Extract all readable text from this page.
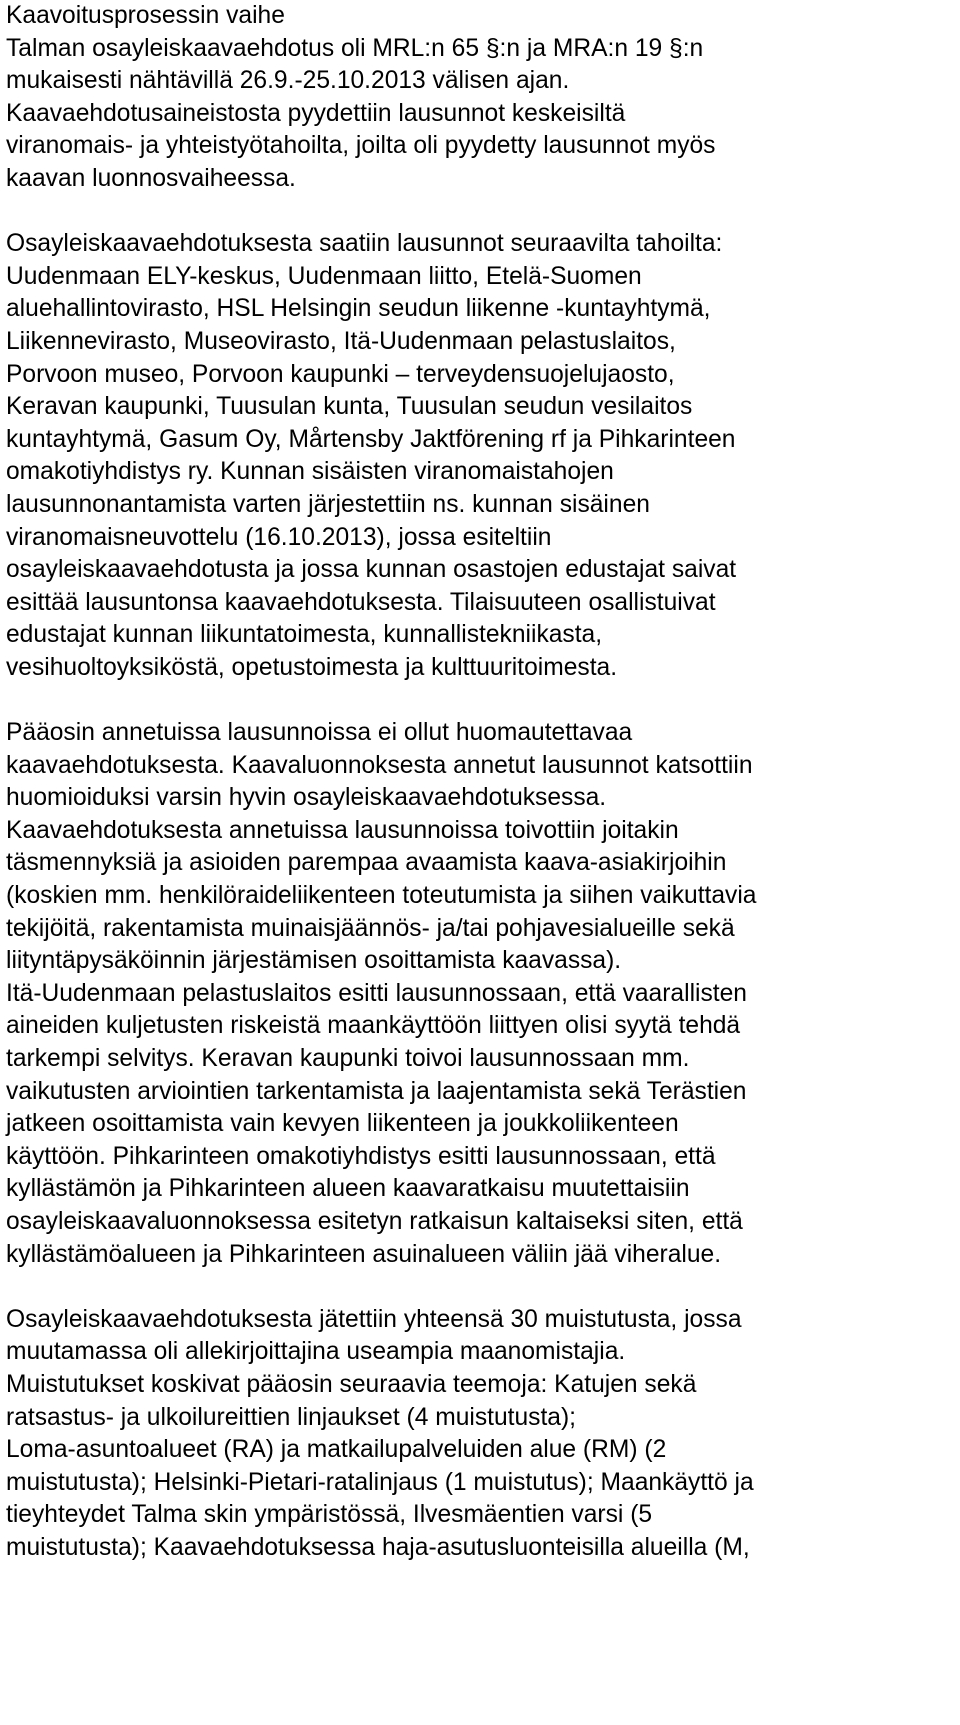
Kaavoitusprosessin vaihe
Talman osayleiskaavaehdotus oli MRL:n 65 §:n ja MRA:n 19 §:n
mukaisesti nähtävillä 26.9.-25.10.2013 välisen ajan.
Kaavaehdotusaineistosta pyydettiin lausunnot keskeisiltä
viranomais- ja yhteistyötahoilta, joilta oli pyydetty lausunnot myös
kaavan luonnosvaiheessa.
Osayleiskaavaehdotuksesta saatiin lausunnot seuraavilta tahoilta:
Uudenmaan ELY-keskus, Uudenmaan liitto, Etelä-Suomen
aluehallintovirasto, HSL Helsingin seudun liikenne -kuntayhtymä,
Liikennevirasto, Museovirasto, Itä-Uudenmaan pelastuslaitos,
Porvoon museo, Porvoon kaupunki – terveydensuojelujaosto,
Keravan kaupunki, Tuusulan kunta, Tuusulan seudun vesilaitos
kuntayhtymä, Gasum Oy, Mårtensby Jaktförening rf ja Pihkarinteen
omakotiyhdistys ry. Kunnan sisäisten viranomaistahojen
lausunnonantamista varten järjestettiin ns. kunnan sisäinen
viranomaisneuvottelu (16.10.2013), jossa esiteltiin
osayleiskaavaehdotusta ja jossa kunnan osastojen edustajat saivat
esittää lausuntonsa kaavaehdotuksesta. Tilaisuuteen osallistuivat
edustajat kunnan liikuntatoimesta, kunnallistekniikasta,
vesihuoltoyksiköstä, opetustoimesta ja kulttuuritoimesta.
Pääosin annetuissa lausunnoissa ei ollut huomautettavaa
kaavaehdotuksesta. Kaavaluonnoksesta annetut lausunnot katsottiin
huomioiduksi varsin hyvin osayleiskaavaehdotuksessa.
Kaavaehdotuksesta annetuissa lausunnoissa toivottiin joitakin
täsmennyksiä ja asioiden parempaa avaamista kaava-asiakirjoihin
(koskien mm. henkilöraideliikenteen toteutumista ja siihen vaikuttavia
tekijöitä, rakentamista muinaisjäännös- ja/tai pohjavesialueille sekä
liityntäpysäköinnin järjestämisen osoittamista kaavassa).
Itä-Uudenmaan pelastuslaitos esitti lausunnossaan, että vaarallisten
aineiden kuljetusten riskeistä maankäyttöön liittyen olisi syytä tehdä
tarkempi selvitys. Keravan kaupunki toivoi lausunnossaan mm.
vaikutusten arviointien tarkentamista ja laajentamista sekä Terästien
jatkeen osoittamista vain kevyen liikenteen ja joukkoliikenteen
käyttöön. Pihkarinteen omakotiyhdistys esitti lausunnossaan, että
kyllästämön ja Pihkarinteen alueen kaavaratkaisu muutettaisiin
osayleiskaavaluonnoksessa esitetyn ratkaisun kaltaiseksi siten, että
kyllästämöalueen ja Pihkarinteen asuinalueen väliin jää viheralue.
Osayleiskaavaehdotuksesta jätettiin yhteensä 30 muistutusta, jossa
muutamassa oli allekirjoittajina useampia maanomistajia.
Muistutukset koskivat pääosin seuraavia teemoja: Katujen sekä
ratsastus- ja ulkoilureittien linjaukset (4 muistutusta);
Loma-asuntoalueet (RA) ja matkailupalveluiden alue (RM) (2
muistutusta); Helsinki-Pietari-ratalinjaus (1 muistutus); Maankäyttö ja
tieyhteydet Talma skin ympäristössä, Ilvesmäentien varsi (5
muistutusta); Kaavaehdotuksessa haja-asutusluonteisilla alueilla (M,
